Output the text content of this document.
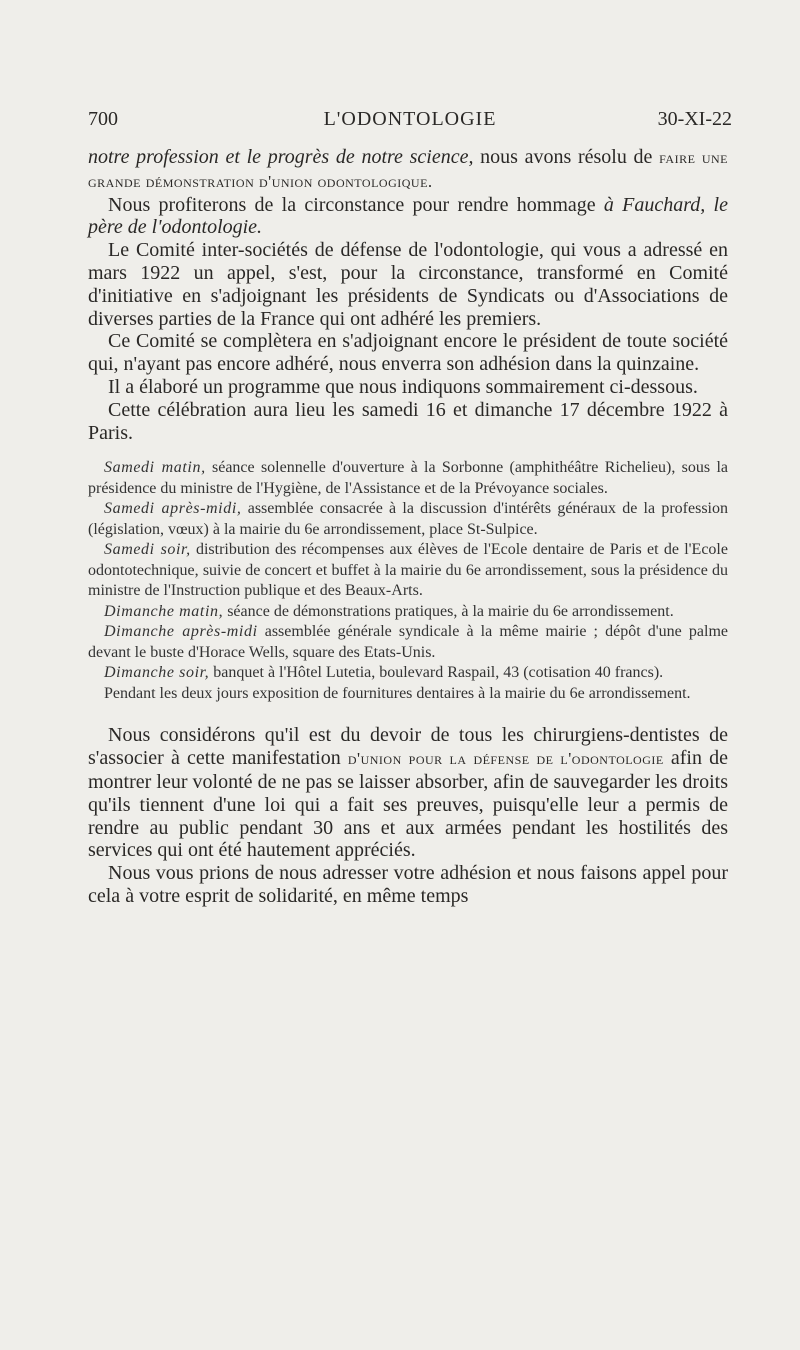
700	L'ODONTOLOGIE	30-XI-22

notre profession et le progrès de notre science, nous avons résolu de faire une grande démonstration d'union odontologique.

Nous profiterons de la circonstance pour rendre hommage à Fauchard, le père de l'odontologie.

Le Comité inter-sociétés de défense de l'odontologie, qui vous a adressé en mars 1922 un appel, s'est, pour la circonstance, transformé en Comité d'initiative en s'adjoignant les présidents de Syndicats ou d'Associations de diverses parties de la France qui ont adhéré les premiers.

Ce Comité se complètera en s'adjoignant encore le président de toute société qui, n'ayant pas encore adhéré, nous enverra son adhésion dans la quinzaine.

Il a élaboré un programme que nous indiquons sommairement ci-dessous.

Cette célébration aura lieu les samedi 16 et dimanche 17 décembre 1922 à Paris.

Samedi matin, séance solennelle d'ouverture à la Sorbonne (amphithéâtre Richelieu), sous la présidence du ministre de l'Hygiène, de l'Assistance et de la Prévoyance sociales.

Samedi après-midi, assemblée consacrée à la discussion d'intérêts généraux de la profession (législation, vœux) à la mairie du 6e arrondissement, place St-Sulpice.

Samedi soir, distribution des récompenses aux élèves de l'Ecole dentaire de Paris et de l'Ecole odontotechnique, suivie de concert et buffet à la mairie du 6e arrondissement, sous la présidence du ministre de l'Instruction publique et des Beaux-Arts.

Dimanche matin, séance de démonstrations pratiques, à la mairie du 6e arrondissement.

Dimanche après-midi assemblée générale syndicale à la même mairie ; dépôt d'une palme devant le buste d'Horace Wells, square des Etats-Unis.

Dimanche soir, banquet à l'Hôtel Lutetia, boulevard Raspail, 43 (cotisation 40 francs).

Pendant les deux jours exposition de fournitures dentaires à la mairie du 6e arrondissement.

Nous considérons qu'il est du devoir de tous les chirurgiens-dentistes de s'associer à cette manifestation d'union pour la défense de l'odontologie afin de montrer leur volonté de ne pas se laisser absorber, afin de sauvegarder les droits qu'ils tiennent d'une loi qui a fait ses preuves, puisqu'elle leur a permis de rendre au public pendant 30 ans et aux armées pendant les hostilités des services qui ont été hautement appréciés.

Nous vous prions de nous adresser votre adhésion et nous faisons appel pour cela à votre esprit de solidarité, en même temps
